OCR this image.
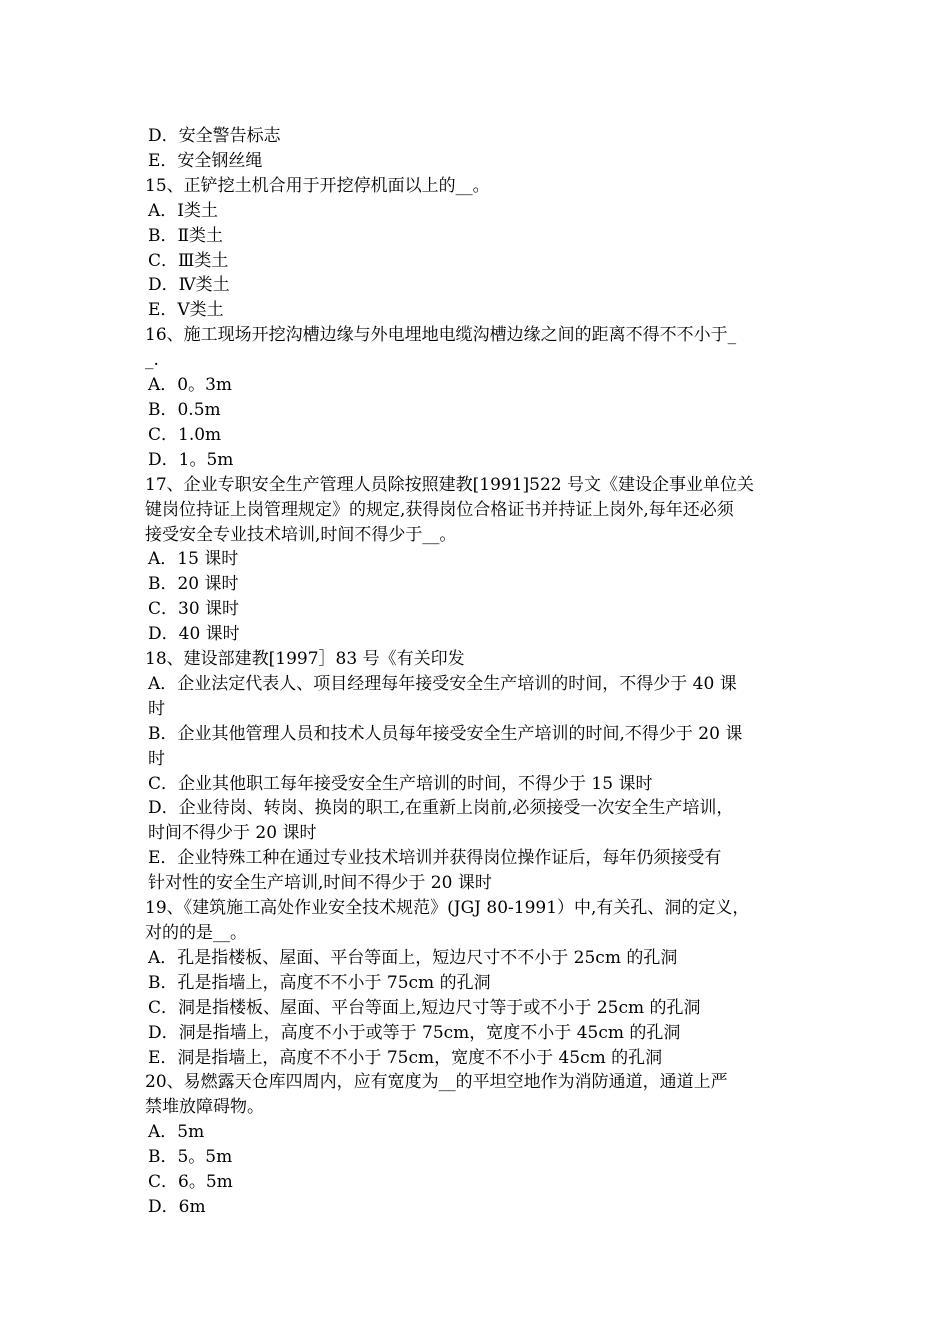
D．安全警告标志
E．安全钢丝绳
15、正铲挖土机合用于开挖停机面以上的__。
A．Ⅰ类土
B．Ⅱ类土
C．Ⅲ类土
D．Ⅳ类土
E．Ⅴ类土
16、施工现场开挖沟槽边缘与外电埋地电缆沟槽边缘之间的距离不得不不小于_
_.
A．0。3m
B．0.5m
C．1.0m
D．1。5m
17、企业专职安全生产管理人员除按照建教[1991]522 号文《建设企事业单位关
键岗位持证上岗管理规定》的规定,获得岗位合格证书并持证上岗外,每年还必须
接受安全专业技术培训,时间不得少于__。
A．15 课时
B．20 课时
C．30 课时
D．40 课时
18、建设部建教[1997］83 号《有关印发
A．企业法定代表人、项目经理每年接受安全生产培训的时间，不得少于 40 课
时
B．企业其他管理人员和技术人员每年接受安全生产培训的时间,不得少于 20 课
时
C．企业其他职工每年接受安全生产培训的时间，不得少于 15 课时
D．企业待岗、转岗、换岗的职工,在重新上岗前,必须接受一次安全生产培训，
时间不得少于 20 课时
E．企业特殊工种在通过专业技术培训并获得岗位操作证后，每年仍须接受有
针对性的安全生产培训,时间不得少于 20 课时
19、《建筑施工高处作业安全技术规范》(JGJ 80-1991）中,有关孔、洞的定义，
对的的是__。
A．孔是指楼板、屋面、平台等面上，短边尺寸不不小于 25cm 的孔洞
B．孔是指墙上，高度不不小于 75cm 的孔洞
C．洞是指楼板、屋面、平台等面上,短边尺寸等于或不小于 25cm 的孔洞
D．洞是指墙上，高度不小于或等于 75cm，宽度不小于 45cm 的孔洞
E．洞是指墙上，高度不不小于 75cm，宽度不不小于 45cm 的孔洞
20、易燃露天仓库四周内，应有宽度为__的平坦空地作为消防通道，通道上严
禁堆放障碍物。
A．5m
B．5。5m
C．6。5m
D．6m
